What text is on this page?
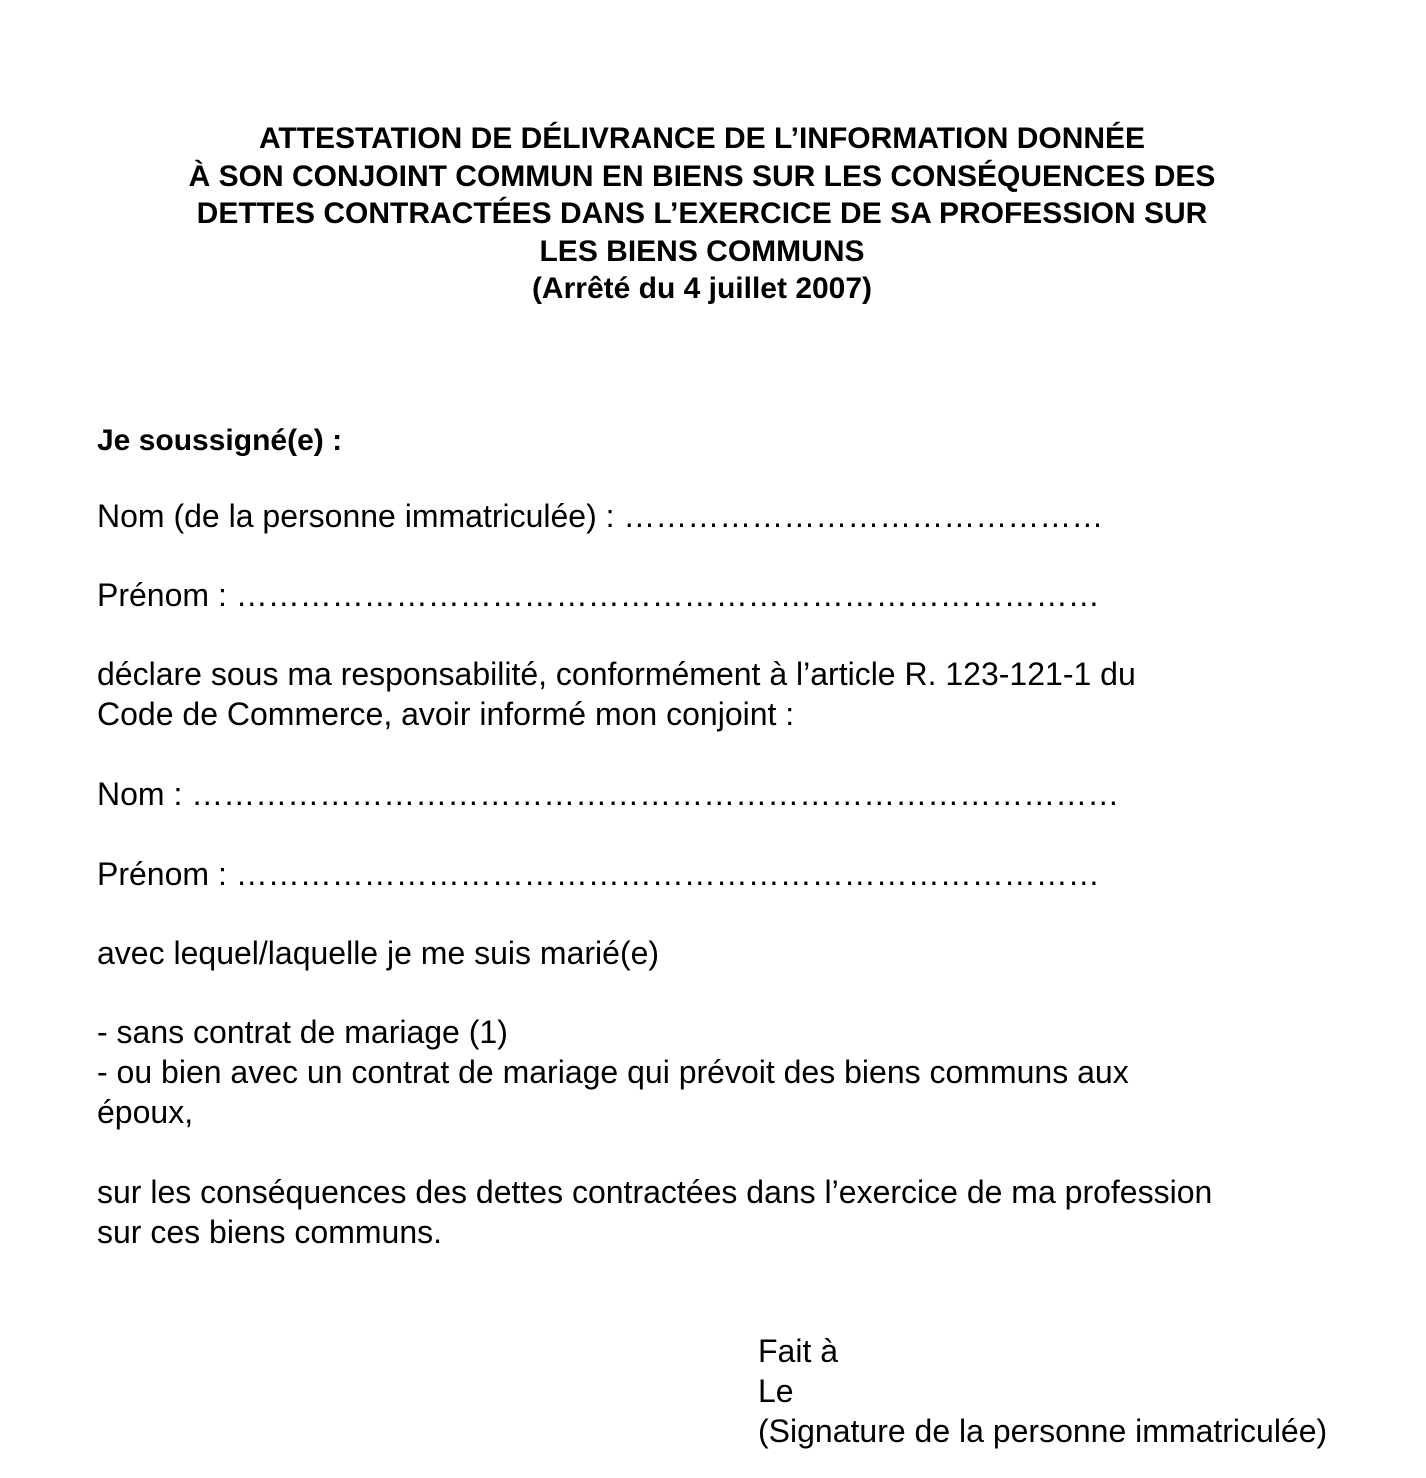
ATTESTATION DE DÉLIVRANCE DE L’INFORMATION DONNÉE
À SON CONJOINT COMMUN EN BIENS SUR LES CONSÉQUENCES DES
DETTES CONTRACTÉES DANS L’EXERCICE DE SA PROFESSION SUR
LES BIENS COMMUNS
(Arrêté du 4 juillet 2007)
Je soussigné(e) :
Nom (de la personne immatriculée) : ………………………………………
Prénom : ………………………………………………………………………
déclare sous ma responsabilité, conformément à l’article R. 123-121-1 du
Code de Commerce, avoir informé mon conjoint :
Nom : ……………………………………………………………………………
Prénom : ………………………………………………………………………
avec lequel/laquelle je me suis marié(e)
- sans contrat de mariage (1)
- ou bien avec un contrat de mariage qui prévoit des biens communs aux
époux,
sur les conséquences des dettes contractées dans l’exercice de ma profession
sur ces biens communs.
Fait à
Le
(Signature de la personne immatriculée)
